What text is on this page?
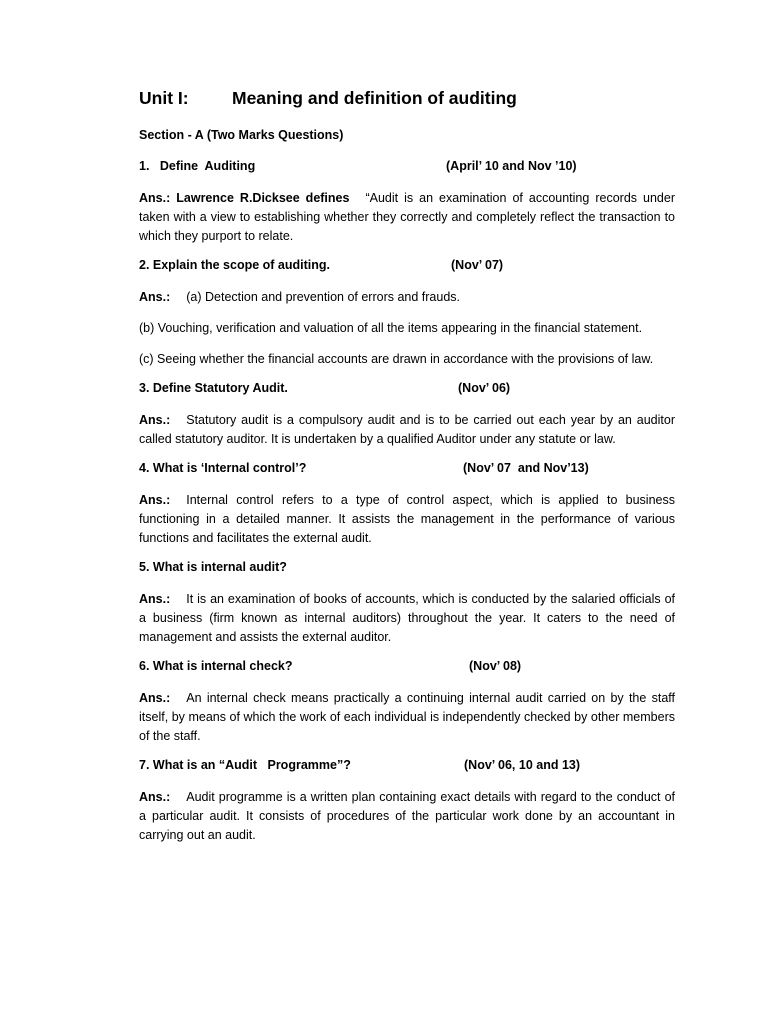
Unit I:	Meaning and definition of auditing
Section - A (Two Marks Questions)
1.   Define  Auditing	(April’ 10 and Nov ’10)
Ans.: Lawrence R.Dicksee defines “Audit is an examination of accounting records under taken with a view to establishing whether they correctly and completely reflect the transaction to which they purport to relate.
2. Explain the scope of auditing.	(Nov’ 07)
Ans.: (a) Detection and prevention of errors and frauds.
(b) Vouching, verification and valuation of all the items appearing in the financial statement.
(c) Seeing whether the financial accounts are drawn in accordance with the provisions of law.
3. Define Statutory Audit.	(Nov’ 06)
Ans.: Statutory audit is a compulsory audit and is to be carried out each year by an auditor called statutory auditor. It is undertaken by a qualified Auditor under any statute or law.
4. What is ‘Internal control’?	(Nov’ 07  and Nov’13)
Ans.: Internal control refers to a type of control aspect, which is applied to business functioning in a detailed manner. It assists the management in the performance of various functions and facilitates the external audit.
5. What is internal audit?
Ans.: It is an examination of books of accounts, which is conducted by the salaried officials of a business (firm known as internal auditors) throughout the year. It caters to the need of management and assists the external auditor.
6. What is internal check?	(Nov’ 08)
Ans.: An internal check means practically a continuing internal audit carried on by the staff itself, by means of which the work of each individual is independently checked by other members of the staff.
7. What is an “Audit   Programme”?	(Nov’ 06, 10 and 13)
Ans.: Audit programme is a written plan containing exact details with regard to the conduct of a particular audit. It consists of procedures of the particular work done by an accountant in carrying out an audit.
